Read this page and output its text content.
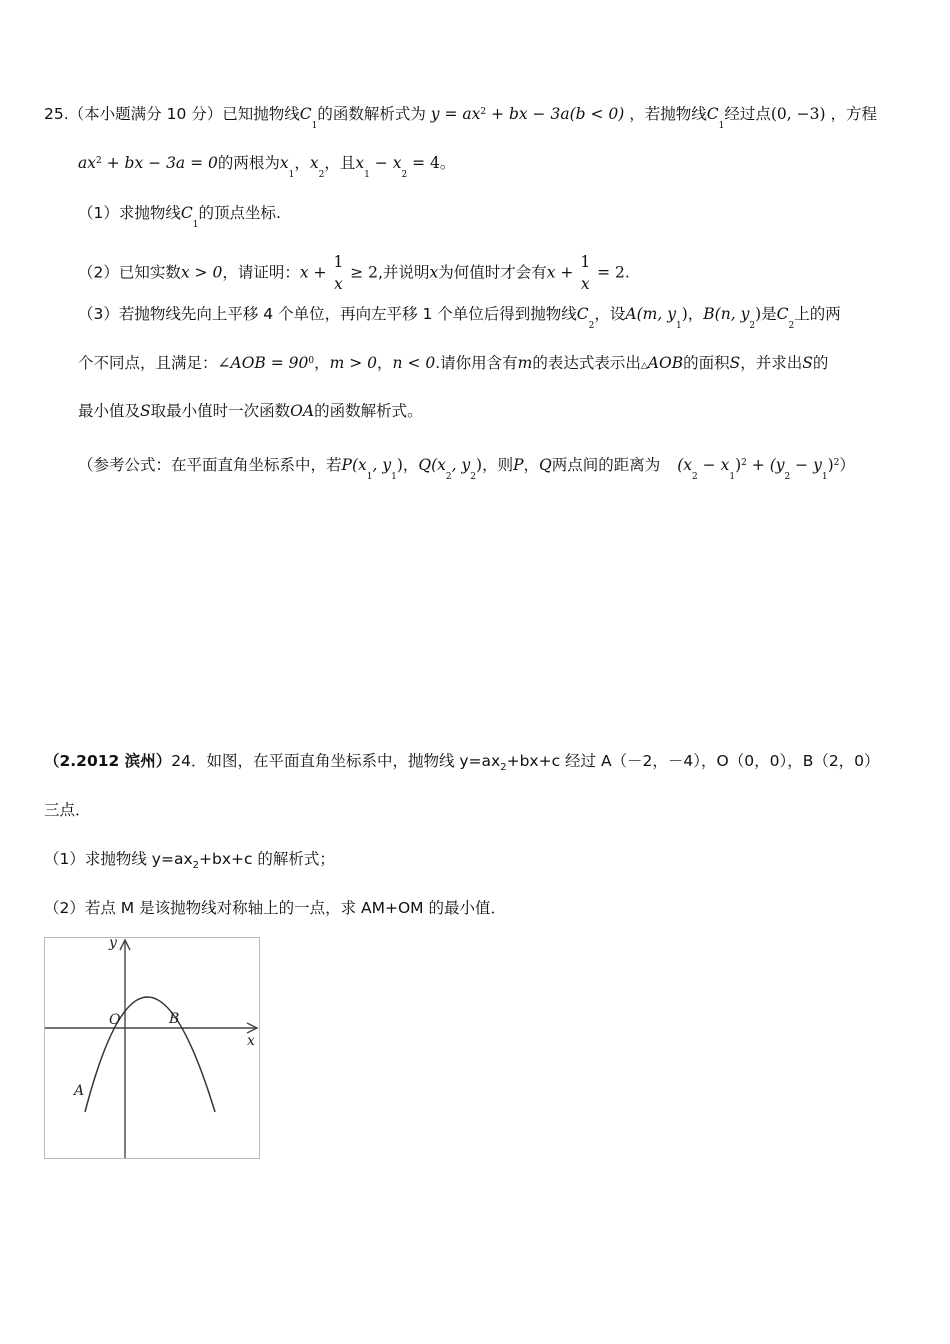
25.（本小题满分 10 分）已知抛物线$C_1$的函数解析式为 $y = ax^2$ + bx − 3a(b < 0) ，若抛物线$C_1$经过点(0, −3) ，方程
$ax^2$ + bx − 3a = 0的两根为$x_1$，$x_2$，且$x_1 - x_2 = 4$。
（1）求抛物线$C_1$的顶点坐标.
（2）已知实数x > 0，请证明：x +
1
x
≥ 2,并说明x为何值时才会有x +
1
x
= 2.
（3）若抛物线先向上平移 4 个单位，再向左平移 1 个单位后得到抛物线$C_2$，设A(m, $y_1$)，B(n, $y_2$)是$C_2$上的两
个不同点，且满足：∠AOB = $90^0$，m > 0，n < 0.请你用含有m的表达式表示出△AOB的面积S，并求出S的
最小值及S取最小值时一次函数OA的函数解析式。
（参考公式：在平面直角坐标系中，若$P(x_1$, $y_1$)，$Q(x_2$, $y_2$)，则P，Q两点间的距离为 $(x_2 - x_1)^2 + (y_2 - y_1)^2$）
（2.2012 滨州）24．如图，在平面直角坐标系中，抛物线 $y=ax_2+bx+c$ 经过 A（－2，－4），O（0，0），B（2，0）
三点．
（1）求抛物线 $y=ax_2+bx+c$ 的解析式；
（2）若点 M 是该抛物线对称轴上的一点，求 AM+OM 的最小值．
y
x
O	B
A
